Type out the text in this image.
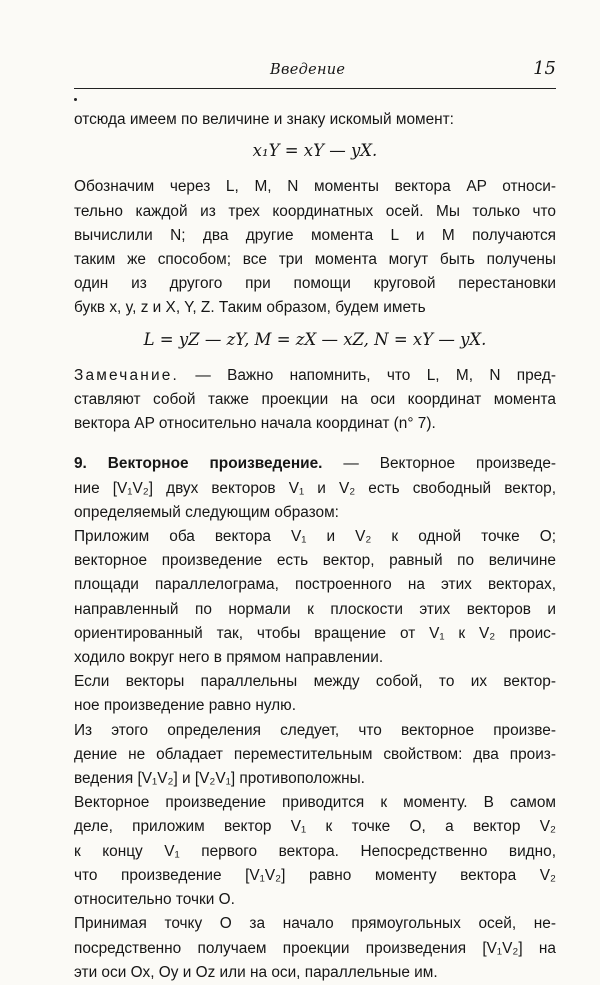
Введение	15

отсюда имеем по величине и знаку искомый момент:

x₁Y = xY — yX.

Обозначим через L, M, N моменты вектора AP относи-
тельно каждой из трех координатных осей. Мы только что
вычислили N; два другие момента L и M получаются
таким же способом; все три момента могут быть получены
один из другого при помощи круговой перестановки
букв x, y, z и X, Y, Z. Таким образом, будем иметь

L = yZ — zY, M = zX — xZ, N = xY — yX.

Замечание. — Важно напомнить, что L, M, N пред-
ставляют собой также проекции на оси координат момента
вектора AP относительно начала координат (n° 7).

9. Векторное произведение. — Векторное произведе-
ние [V₁V₂] двух векторов V₁ и V₂ есть свободный вектор,
определяемый следующим образом:

Приложим оба вектора V₁ и V₂ к одной точке O;
векторное произведение есть вектор, равный по величине
площади параллелограма, построенного на этих векторах,
направленный по нормали к плоскости этих векторов и
ориентированный так, чтобы вращение от V₁ к V₂ проис-
ходило вокруг него в прямом направлении.

Если векторы параллельны между собой, то их вектор-
ное произведение равно нулю.

Из этого определения следует, что векторное произве-
дение не обладает переместительным свойством: два произ-
ведения [V₁V₂] и [V₂V₁] противоположны.

Векторное произведение приводится к моменту. В самом
деле, приложим вектор V₁ к точке O, а вектор V₂
к концу V₁ первого вектора. Непосредственно видно,
что произведение [V₁V₂] равно моменту вектора V₂
относительно точки O.

Принимая точку O за начало прямоугольных осей, не-
посредственно получаем проекции произведения [V₁V₂] на
эти оси Ox, Oy и Oz или на оси, параллельные им.
